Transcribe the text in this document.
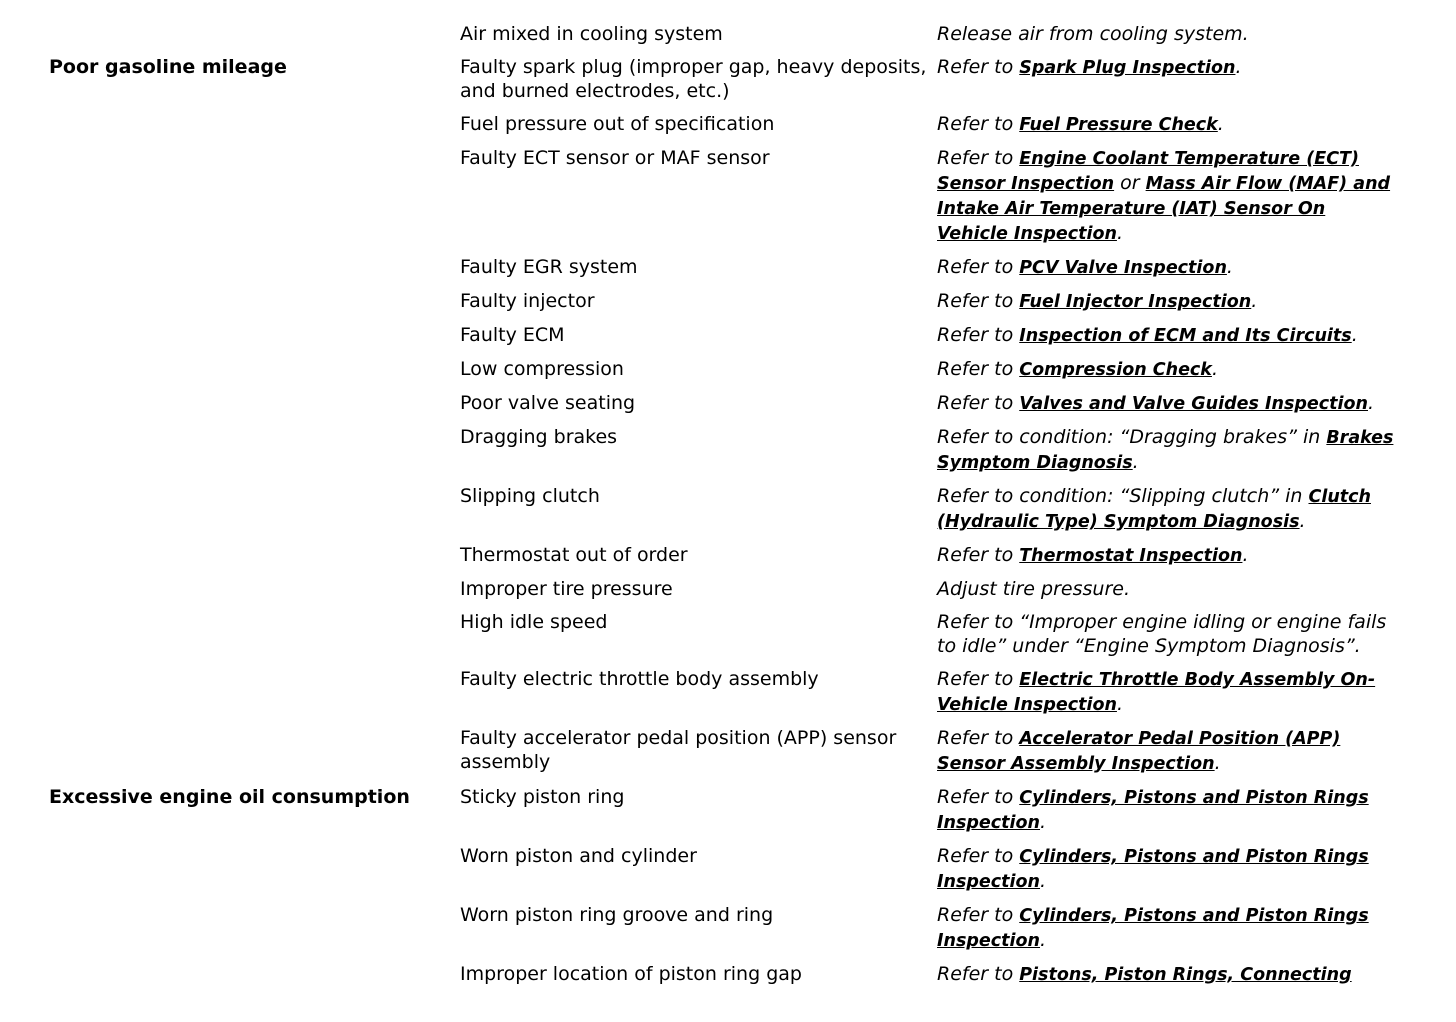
	Air mixed in cooling system	Release air from cooling system.
Poor gasoline mileage	Faulty spark plug (improper gap, heavy deposits, and burned electrodes, etc.)	Refer to Spark Plug Inspection.
	Fuel pressure out of specification	Refer to Fuel Pressure Check.
	Faulty ECT sensor or MAF sensor	Refer to Engine Coolant Temperature (ECT) Sensor Inspection or Mass Air Flow (MAF) and Intake Air Temperature (IAT) Sensor On Vehicle Inspection.
	Faulty EGR system	Refer to PCV Valve Inspection.
	Faulty injector	Refer to Fuel Injector Inspection.
	Faulty ECM	Refer to Inspection of ECM and Its Circuits.
	Low compression	Refer to Compression Check.
	Poor valve seating	Refer to Valves and Valve Guides Inspection.
	Dragging brakes	Refer to condition: “Dragging brakes” in Brakes Symptom Diagnosis.
	Slipping clutch	Refer to condition: “Slipping clutch” in Clutch (Hydraulic Type) Symptom Diagnosis.
	Thermostat out of order	Refer to Thermostat Inspection.
	Improper tire pressure	Adjust tire pressure.
	High idle speed	Refer to “Improper engine idling or engine fails to idle” under “Engine Symptom Diagnosis”.
	Faulty electric throttle body assembly	Refer to Electric Throttle Body Assembly On-Vehicle Inspection.
	Faulty accelerator pedal position (APP) sensor assembly	Refer to Accelerator Pedal Position (APP) Sensor Assembly Inspection.
Excessive engine oil consumption	Sticky piston ring	Refer to Cylinders, Pistons and Piston Rings Inspection.
	Worn piston and cylinder	Refer to Cylinders, Pistons and Piston Rings Inspection.
	Worn piston ring groove and ring	Refer to Cylinders, Pistons and Piston Rings Inspection.
	Improper location of piston ring gap	Refer to Pistons, Piston Rings, Connecting
